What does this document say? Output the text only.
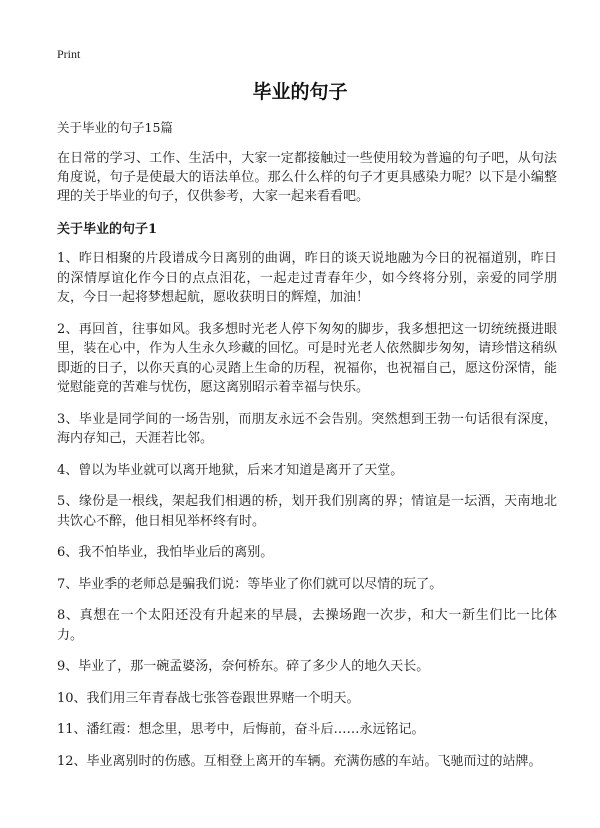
Print
毕业的句子

关于毕业的句子15篇

在日常的学习、工作、生活中，大家一定都接触过一些使用较为普遍的句子吧，从句法角度说，句子是使最大的语法单位。那么什么样的句子才更具感染力呢？以下是小编整理的关于毕业的句子，仅供参考，大家一起来看看吧。

关于毕业的句子1

1、昨日相聚的片段谱成今日离别的曲调，昨日的谈天说地融为今日的祝福道别，昨日的深情厚谊化作今日的点点泪花，一起走过青春年少，如今终将分别，亲爱的同学朋友，今日一起将梦想起航，愿收获明日的辉煌，加油！

2、再回首，往事如风。我多想时光老人停下匆匆的脚步，我多想把这一切统统摄进眼里，装在心中，作为人生永久珍藏的回忆。可是时光老人依然脚步匆匆，请珍惜这稍纵即逝的日子，以你天真的心灵踏上生命的历程，祝福你，也祝福自己，愿这份深情，能觉慰能竟的苦难与忧伤，愿这离别昭示着幸福与快乐。

3、毕业是同学间的一场告别，而朋友永远不会告别。突然想到王勃一句话很有深度，海内存知己，天涯若比邻。

4、曾以为毕业就可以离开地狱，后来才知道是离开了天堂。

5、缘份是一根线，架起我们相遇的桥，划开我们别离的界；情谊是一坛酒，天南地北共饮心不醉，他日相见举杯终有时。

6、我不怕毕业，我怕毕业后的离别。

7、毕业季的老师总是骗我们说：等毕业了你们就可以尽情的玩了。

8、真想在一个太阳还没有升起来的早晨，去操场跑一次步，和大一新生们比一比体力。

9、毕业了，那一碗孟婆汤，奈何桥东。碎了多少人的地久天长。

10、我们用三年青春战七张答卷跟世界赌一个明天。

11、潘红霞：想念里，思考中，后悔前，奋斗后……永远铭记。

12、毕业离别时的伤感。互相登上离开的车辆。充满伤感的车站。飞驰而过的站牌。
